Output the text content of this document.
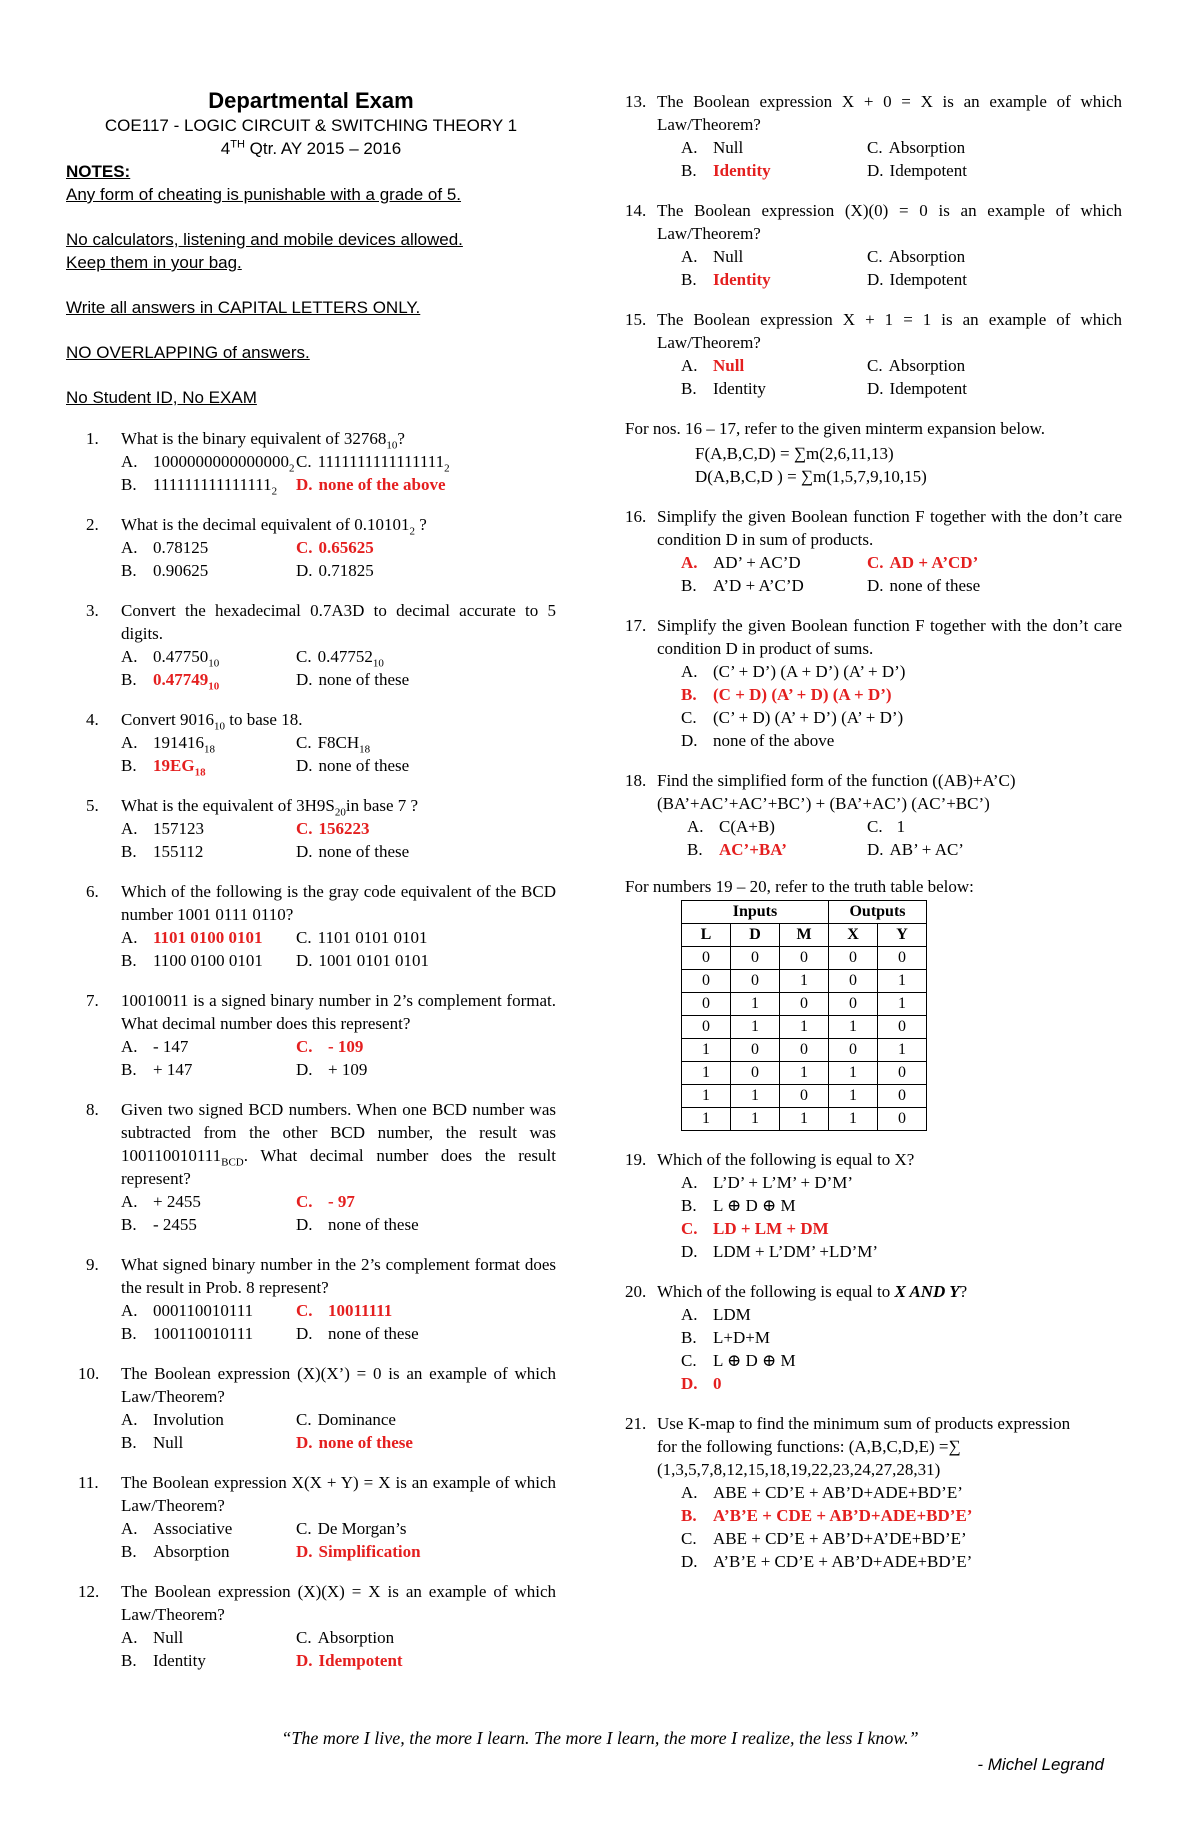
Departmental Exam
COE117 - LOGIC CIRCUIT & SWITCHING THEORY 1
4TH Qtr. AY 2015 – 2016
NOTES:
Any form of cheating is punishable with a grade of 5.
No calculators, listening and mobile devices allowed.
Keep them in your bag.
Write all answers in CAPITAL LETTERS ONLY.
NO OVERLAPPING of answers.
No Student ID, No EXAM
1. What is the binary equivalent of $32768_{10}$?
A. $1000000000000000_2$ C. $1111111111111111_2$
B. $111111111111111_2$ D. none of the above
2. What is the decimal equivalent of $0.10101_2$ ?
A. 0.78125	C. 0.65625
B. 0.90625	D. 0.71825
3. Convert the hexadecimal 0.7A3D to decimal accurate to 5 digits.
A. $0.47750_{10}$	C. $0.47752_{10}$
B. $0.47749_{10}$	D. none of these
4. Convert $9016_{10}$ to base 18.
A. $191416_{18}$	C. $F8CH_{18}$
B. $19EG_{18}$	D. none of these
5. What is the equivalent of $3H9S_{20}in$ base 7 ?
A. 157123	C. 156223
B. 155112	D. none of these
6. Which of the following is the gray code equivalent of the BCD number 1001 0111 0110?
A. 1101 0100 0101 C. 1101 0101 0101
B. 1100 0100 0101 D. 1001 0101 0101
7. 10010011 is a signed binary number in 2’s complement format. What decimal number does this represent?
A. - 147	C. - 109
B. + 147	D. + 109
8. Given two signed BCD numbers. When one BCD number was subtracted from the other BCD number, the result was $100110010111_{BCD}$. What decimal number does the result represent?
A. + 2455	C. - 97
B. - 2455	D. none of these
9. What signed binary number in the 2’s complement format does the result in Prob. 8 represent?
A. 000110010111	C. 10011111
B. 100110010111	D. none of these
10. The Boolean expression (X)(X’) = 0 is an example of which Law/Theorem?
A. Involution	C. Dominance
B. Null	D. none of these
11. The Boolean expression X(X + Y) = X is an example of which Law/Theorem?
A. Associative	C. De Morgan’s
B. Absorption	D. Simplification
12. The Boolean expression (X)(X) = X is an example of which Law/Theorem?
A. Null	C. Absorption
B. Identity	D. Idempotent
13. The Boolean expression X + 0 = X is an example of which Law/Theorem?
A. Null	C. Absorption
B. Identity	D. Idempotent
14. The Boolean expression (X)(0) = 0 is an example of which Law/Theorem?
A. Null	C. Absorption
B. Identity	D. Idempotent
15. The Boolean expression X + 1 = 1 is an example of which Law/Theorem?
A. Null	C. Absorption
B. Identity	D. Idempotent
For nos. 16 – 17, refer to the given minterm expansion below.
F(A,B,C,D) = ∑m(2,6,11,13)
D(A,B,C,D ) = ∑m(1,5,7,9,10,15)
16. Simplify the given Boolean function F together with the don’t care condition D in sum of products.
A. AD’ + AC’D	C. AD + A’CD’
B. A’D + A’C’D	D. none of these
17. Simplify the given Boolean function F together with the don’t care condition D in product of sums.
A. (C’ + D’) (A + D’) (A’ + D’)
B. (C + D) (A’ + D) (A + D’)
C. (C’ + D) (A’ + D’) (A’ + D’)
D. none of the above
18. Find the simplified form of the function ((AB)+A’C) (BA’+AC’+AC’+BC’) + (BA’+AC’) (AC’+BC’)
A. C(A+B)	C. 1
B. AC’+BA’	D. AB’ + AC’
For numbers 19 – 20, refer to the truth table below:
Inputs			Outputs	
L	D	M	X	Y
0	0	0	0	0
0	0	1	0	1
0	1	0	0	1
0	1	1	1	0
1	0	0	0	1
1	0	1	1	0
1	1	0	1	0
1	1	1	1	0
19. Which of the following is equal to X?
A. L’D’ + L’M’ + D’M’
B. L ⊕ D ⊕ M
C. LD + LM + DM
D. LDM + L’DM’ +LD’M’
20. Which of the following is equal to X AND Y?
A. LDM
B. L+D+M
C. L ⊕ D ⊕ M
D. 0
21. Use K-map to find the minimum sum of products expression for the following functions: (A,B,C,D,E) =∑ (1,3,5,7,8,12,15,18,19,22,23,24,27,28,31)
A. ABE + CD’E + AB’D+ADE+BD’E’
B. A’B’E + CDE + AB’D+ADE+BD’E’
C. ABE + CD’E + AB’D+A’DE+BD’E’
D. A’B’E + CD’E + AB’D+ADE+BD’E’
“The more I live, the more I learn. The more I learn, the more I realize, the less I know.”
- Michel Legrand
